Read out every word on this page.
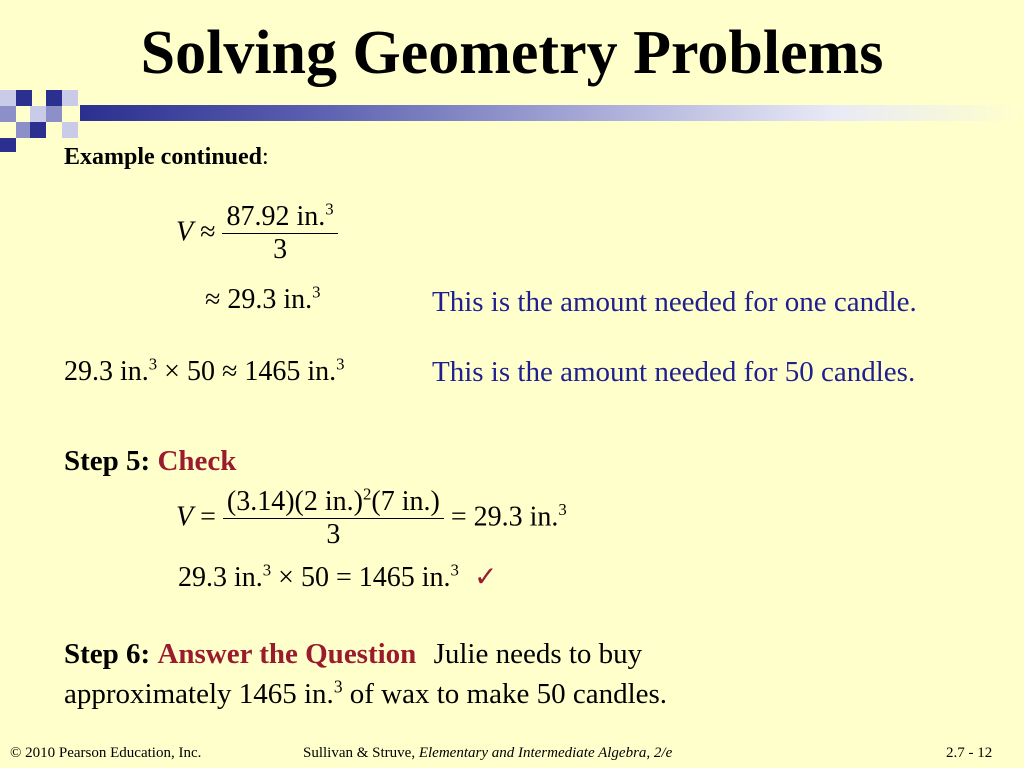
Solving Geometry Problems
Example continued:
$V \approx \frac{87.92 in.^3}{3}$
≈ 29.3 in.$^3$	This is the amount needed for one candle.
29.3 in.$^3$ × 50 ≈ 1465 in.$^3$	This is the amount needed for 50 candles.
Step 5: Check
$V = \frac{(3.14)(2 in.)^2(7 in.)}{3} = 29.3$ in.$^3$
29.3 in.$^3$ × 50 = 1465 in.$^3$ ✓
Step 6: Answer the Question Julie needs to buy
approximately 1465 in.$^3$ of wax to make 50 candles.
© 2010 Pearson Education, Inc.	Sullivan & Struve, Elementary and Intermediate Algebra, 2/e	2.7 - 12
